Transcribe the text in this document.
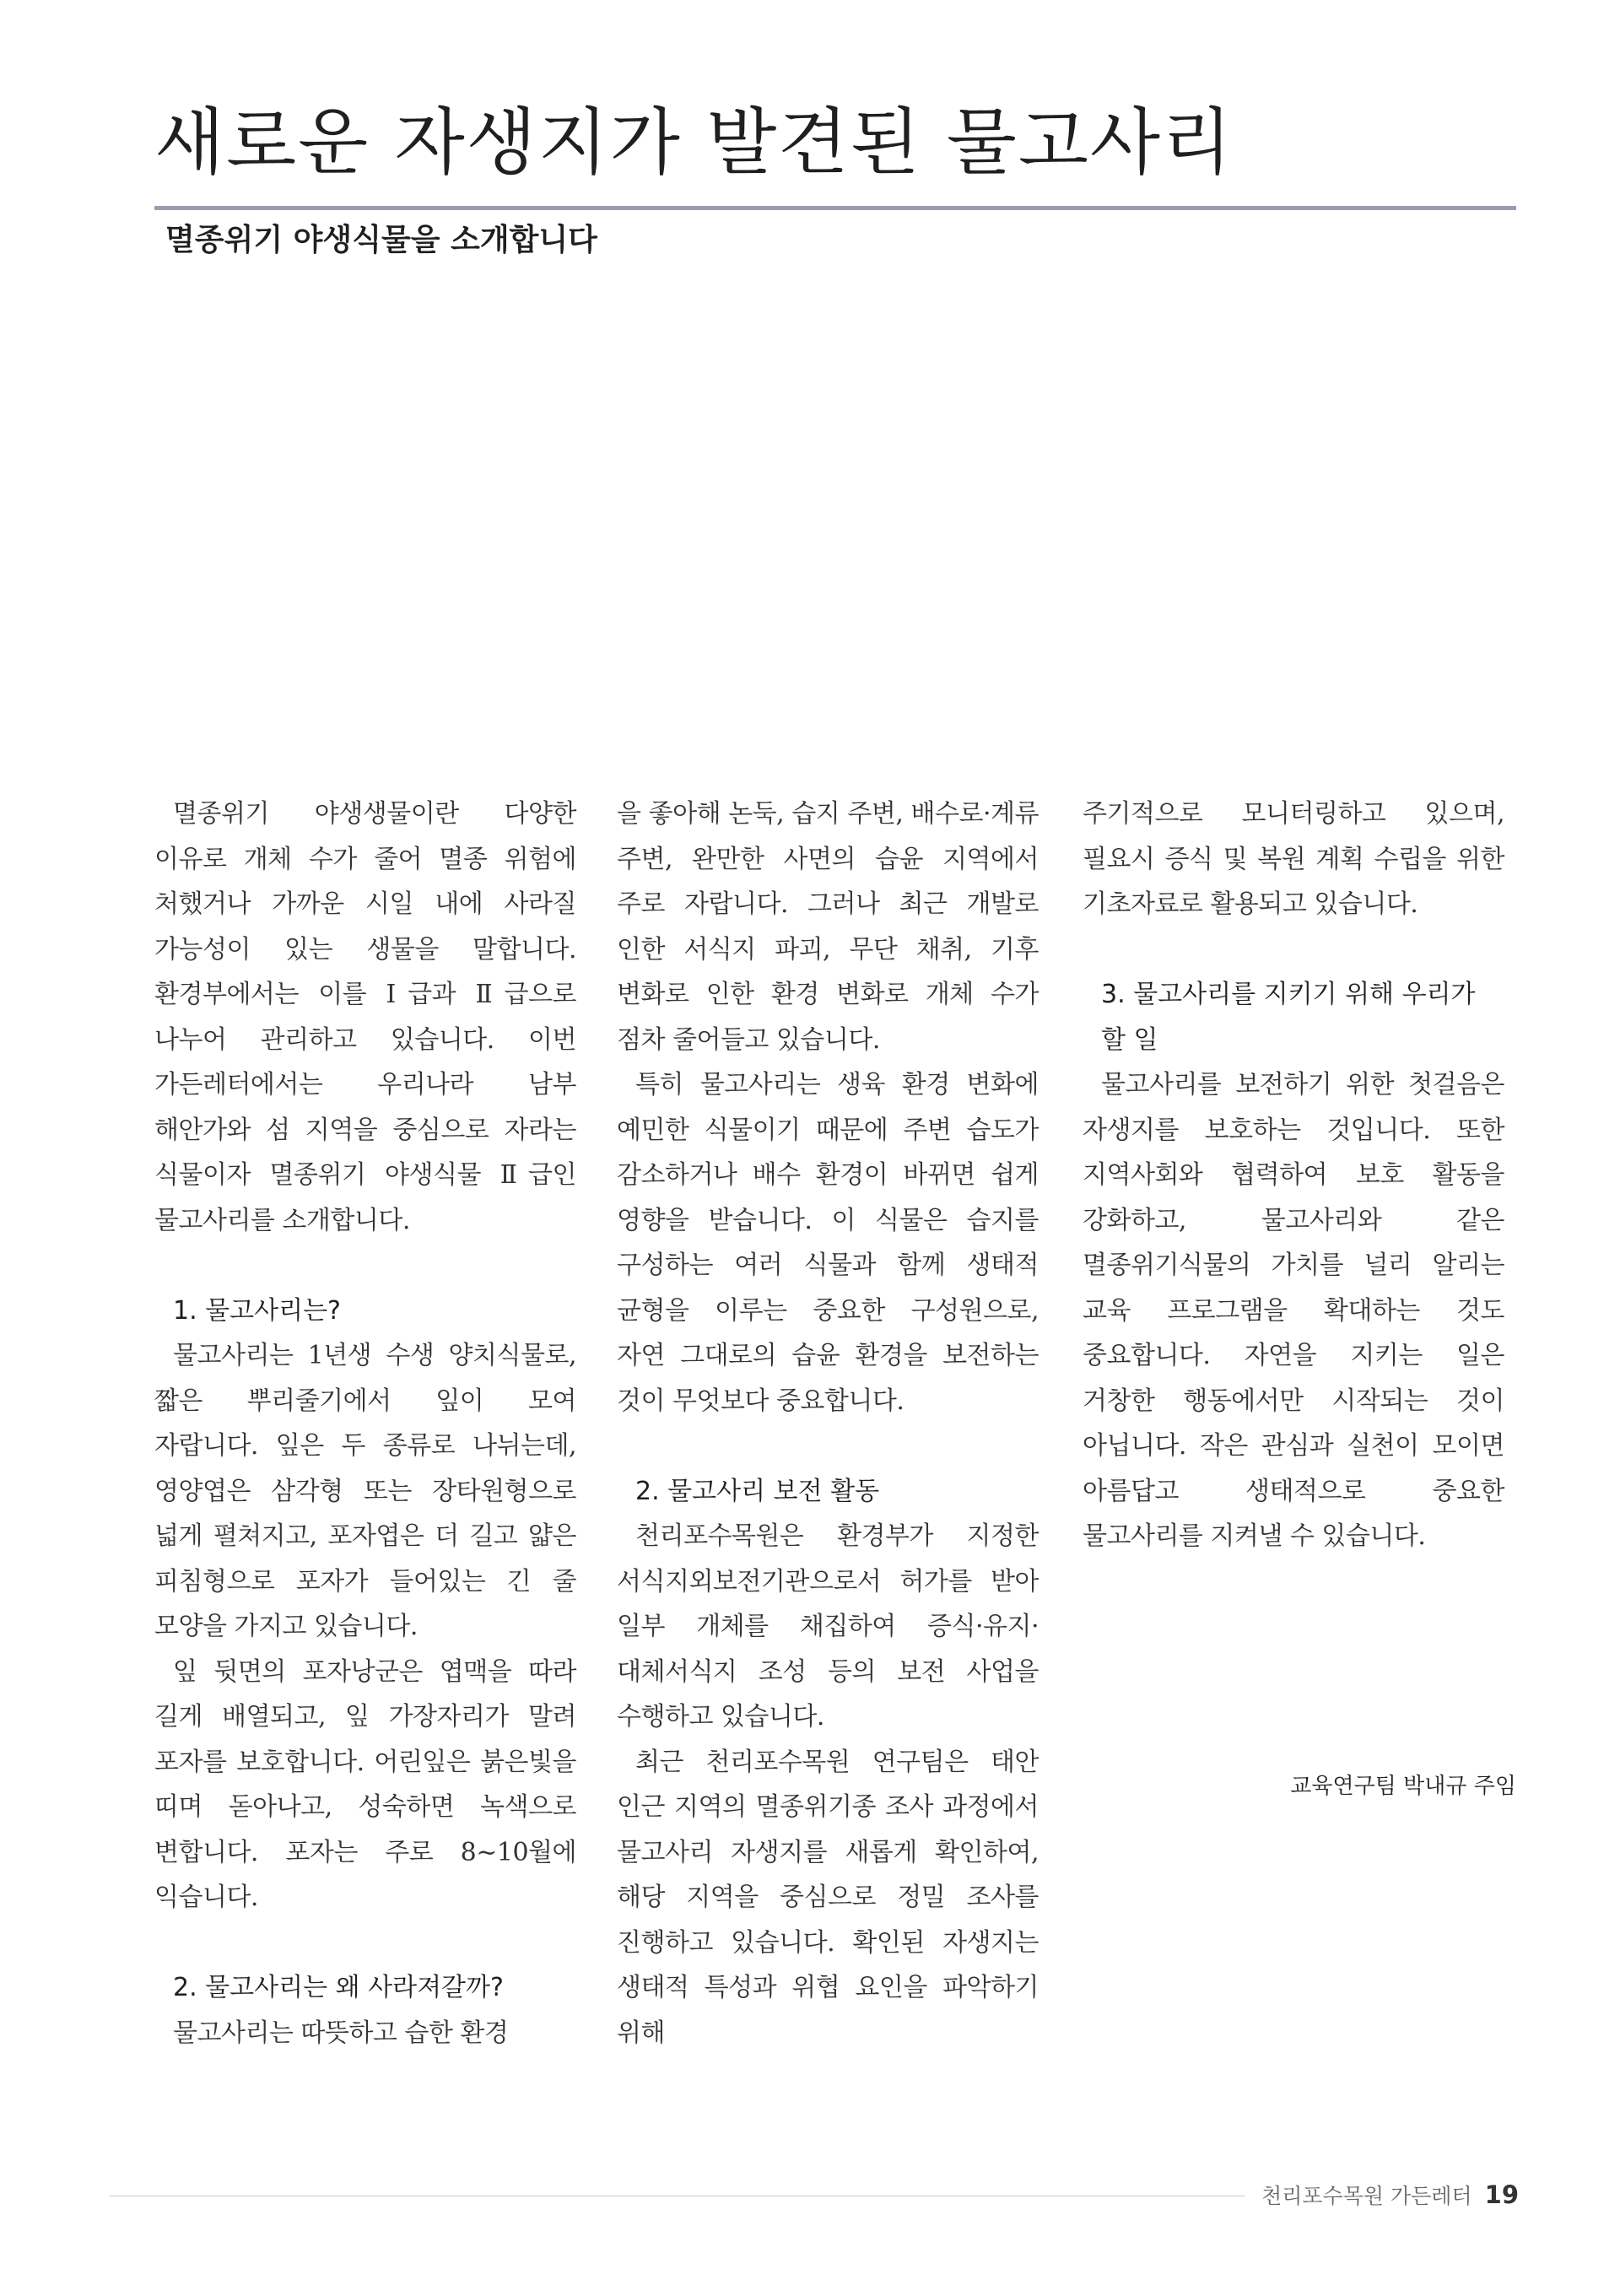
새로운 자생지가 발견된 물고사리
멸종위기 야생식물을 소개합니다

멸종위기 야생생물이란 다양한 이유로 개체 수가 줄어 멸종 위험에 처했거나 가까운 시일 내에 사라질 가능성이 있는 생물을 말합니다. 환경부에서는 이를 Ⅰ급과 Ⅱ급으로 나누어 관리하고 있습니다. 이번 가든레터에서는 우리나라 남부 해안가와 섬 지역을 중심으로 자라는 식물이자 멸종위기 야생식물 Ⅱ급인 물고사리를 소개합니다.

1. 물고사리는?

물고사리는 1년생 수생 양치식물로, 짧은 뿌리줄기에서 잎이 모여 자랍니다. 잎은 두 종류로 나뉘는데, 영양엽은 삼각형 또는 장타원형으로 넓게 펼쳐지고, 포자엽은 더 길고 얇은 피침형으로 포자가 들어있는 긴 줄 모양을 가지고 있습니다.

잎 뒷면의 포자낭군은 엽맥을 따라 길게 배열되고, 잎 가장자리가 말려 포자를 보호합니다. 어린잎은 붉은빛을 띠며 돋아나고, 성숙하면 녹색으로 변합니다. 포자는 주로 8~10월에 익습니다.

2. 물고사리는 왜 사라져갈까?

물고사리는 따뜻하고 습한 환경

을 좋아해 논둑, 습지 주변, 배수로·계류 주변, 완만한 사면의 습윤 지역에서 주로 자랍니다. 그러나 최근 개발로 인한 서식지 파괴, 무단 채취, 기후 변화로 인한 환경 변화로 개체 수가 점차 줄어들고 있습니다.

특히 물고사리는 생육 환경 변화에 예민한 식물이기 때문에 주변 습도가 감소하거나 배수 환경이 바뀌면 쉽게 영향을 받습니다. 이 식물은 습지를 구성하는 여러 식물과 함께 생태적 균형을 이루는 중요한 구성원으로, 자연 그대로의 습윤 환경을 보전하는 것이 무엇보다 중요합니다.

2. 물고사리 보전 활동

천리포수목원은 환경부가 지정한 서식지외보전기관으로서 허가를 받아 일부 개체를 채집하여 증식·유지·대체서식지 조성 등의 보전 사업을 수행하고 있습니다.

최근 천리포수목원 연구팀은 태안 인근 지역의 멸종위기종 조사 과정에서 물고사리 자생지를 새롭게 확인하여, 해당 지역을 중심으로 정밀 조사를 진행하고 있습니다. 확인된 자생지는 생태적 특성과 위협 요인을 파악하기 위해

주기적으로 모니터링하고 있으며, 필요시 증식 및 복원 계획 수립을 위한 기초자료로 활용되고 있습니다.

3. 물고사리를 지키기 위해 우리가 할 일

물고사리를 보전하기 위한 첫걸음은 자생지를 보호하는 것입니다. 또한 지역사회와 협력하여 보호 활동을 강화하고, 물고사리와 같은 멸종위기식물의 가치를 널리 알리는 교육 프로그램을 확대하는 것도 중요합니다. 자연을 지키는 일은 거창한 행동에서만 시작되는 것이 아닙니다. 작은 관심과 실천이 모이면 아름답고 생태적으로 중요한 물고사리를 지켜낼 수 있습니다.

교육연구팀 박내규 주임
천리포수목원 가든레터 19
